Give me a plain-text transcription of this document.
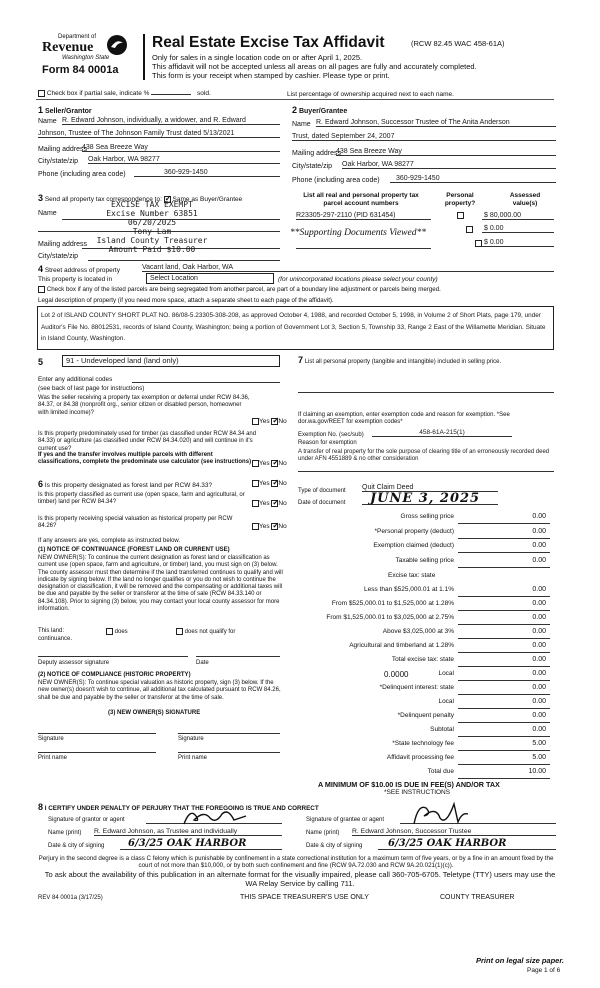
Department of
Revenue
Washington State
Form 84 0001a
Real Estate Excise Tax Affidavit	(RCW 82.45 WAC 458-61A)
Only for sales in a single location code on or after April 1, 2025.
This affidavit will not be accepted unless all areas on all pages are fully and accurately completed.
This form is your receipt when stamped by cashier. Please type or print.
Check box if partial sale, indicate %	sold.	List percentage of ownership acquired next to each name.
1 Seller/Grantor
Name R. Edward Johnson, individually, a widower, and R. Edward
Johnson, Trustee of The Johnson Family Trust dated 5/13/2021
Mailing address
438 Sea Breeze Way
City/state/zip Oak Harbor, WA 98277
Phone (including area code)	360-929-1450
2 Buyer/Grantee
Name R. Edward Johnson, Successor Trustee of The Anita Anderson
Trust, dated September 24, 2007
Mailing address
438 Sea Breeze Way
City/state/zip Oak Harbor, WA 98277
Phone (including area code)	360-929-1450
3 Send all property tax correspondence to: ✓ Same as Buyer/Grantee
Name
Mailing address
City/state/zip
EXCISE TAX EXEMPT
Excise Number 63851
06/20/2025
Tony Lam
Island County Treasurer
Amount Paid $10.00
List all real and personal property tax
parcel account numbers
Personal
property?
Assessed
value(s)
R23305-297-2110 (PID 631454)
	$ 80,000.00
**Supporting Documents Viewed**
	$ 0.00
$ 0.00
4 Street address of property	Vacant land, Oak Harbor, WA
This property is located in	Select Location	(for unincorporated locations please select your county)
Check box if any of the listed parcels are being segregated from another parcel, are part of a boundary line adjustment or parcels being merged.
Legal description of property (if you need more space, attach a separate sheet to each page of the affidavit).
Lot 2 of ISLAND COUNTY SHORT PLAT NO. 86/08-5.23305-308-208, as approved October 4, 1988, and recorded October 5, 1998, in Volume 2 of Short Plats, page 179, under Auditor's File No. 88012531, records of Island County, Washington; being a portion of Government Lot 3, Section 5, Township 33, Range 2 East of the Willamette Meridian. Situate in Island County, Washington.
5	91 - Undeveloped land (land only)
Enter any additional codes
(see back of last page for instructions)
Was the seller receiving a property tax exemption or deferral under RCW 84.36, 84.37, or 84.38 (nonprofit org., senior citizen or disabled person, homeowner with limited income)?
Yes ✓ No
Is this property predominately used for timber (as classified under RCW 84.34 and 84.33) or agriculture (as classified under RCW 84.34.020) and will continue in it's current use?
If yes and the transfer involves multiple parcels with different classifications, complete the predominate use calculator (see instructions)	Yes ✓ No
6 Is this property designated as forest land per RCW 84.33?	Yes ✓ No
Is this property classified as current use (open space, farm and agricultural, or timber) land per RCW 84.34?	Yes ✓ No
Is this property receiving special valuation as historical property per RCW 84.26?	Yes ✓ No
If any answers are yes, complete as instructed below.
(1) NOTICE OF CONTINUANCE (FOREST LAND OR CURRENT USE)
NEW OWNER(S): To continue the current designation as forest land or classification as current use (open space, farm and agriculture, or timber) land, you must sign on (3) below. The county assessor must then determine if the land transferred continues to qualify and will indicate by signing below. If the land no longer qualifies or you do not wish to continue the designation or classification, it will be removed and the compensating or additional taxes will be due and payable by the seller or transferor at the time of sale (RCW 84.33.140 or 84.34.108). Prior to signing (3) below, you may contact your local county assessor for more information.
This land:	does	does not qualify for
continuance.
Deputy assessor signature	Date
(2) NOTICE OF COMPLIANCE (HISTORIC PROPERTY)
NEW OWNER(S): To continue special valuation as historic property, sign (3) below. If the new owner(s) doesn't wish to continue, all additional tax calculated pursuant to RCW 84.26, shall be due and payable by the seller or transferor at the time of sale.
(3) NEW OWNER(S) SIGNATURE
Signature	Signature
Print name	Print name
7 List all personal property (tangible and intangible) included in selling price.
If claiming an exemption, enter exemption code and reason for exemption. *See dor.wa.gov/REET for exemption codes*
Exemption No. (sec/sub)	458-61A-215(1)
Reason for exemption
A transfer of real property for the sole purpose of clearing title of an erroneously recorded deed under AFN 4551889 & no other consideration
Type of document Quit Claim Deed
Date of document JUNE 3, 2025
Gross selling price	0.00
*Personal property (deduct)	0.00
Exemption claimed (deduct)	0.00
Taxable selling price	0.00
Excise tax: state
Less than $525,000.01 at 1.1%	0.00
From $525,000.01 to $1,525,000 at 1.28%	0.00
From $1,525,000.01 to $3,025,000 at 2.75%	0.00
Above $3,025,000 at 3%	0.00
Agricultural and timberland at 1.28%	0.00
Total excise tax: state	0.00
0.0000	Local	0.00
*Delinquent interest: state	0.00
Local	0.00
*Delinquent penalty	0.00
Subtotal	0.00
*State technology fee	5.00
Affidavit processing fee	5.00
Total due	10.00
A MINIMUM OF $10.00 IS DUE IN FEE(S) AND/OR TAX
*SEE INSTRUCTIONS
8 I CERTIFY UNDER PENALTY OF PERJURY THAT THE FOREGOING IS TRUE AND CORRECT
Signature of grantor or agent
Name (print) R. Edward Johnson, as Trustee and individually
Date & city of signing 6/3/25 OAK HARBOR
Signature of grantee or agent
Name (print) R. Edward Johnson, Successor Trustee
Date & city of signing	6/3/25 OAK HARBOR
Perjury in the second degree is a class C felony which is punishable by confinement in a state correctional institution for a maximum term of five years, or by a fine in an amount fixed by the court of not more than $10,000, or by both such confinement and fine (RCW 9A.72.030 and RCW 9A.20.021(1)(c)).
To ask about the availability of this publication in an alternate format for the visually impaired, please call 360-705-6705. Teletype (TTY) users may use the WA Relay Service by calling 711.
REV 84 0001a (3/17/25)	THIS SPACE TREASURER'S USE ONLY	COUNTY TREASURER
Print on legal size paper.
Page 1 of 6
